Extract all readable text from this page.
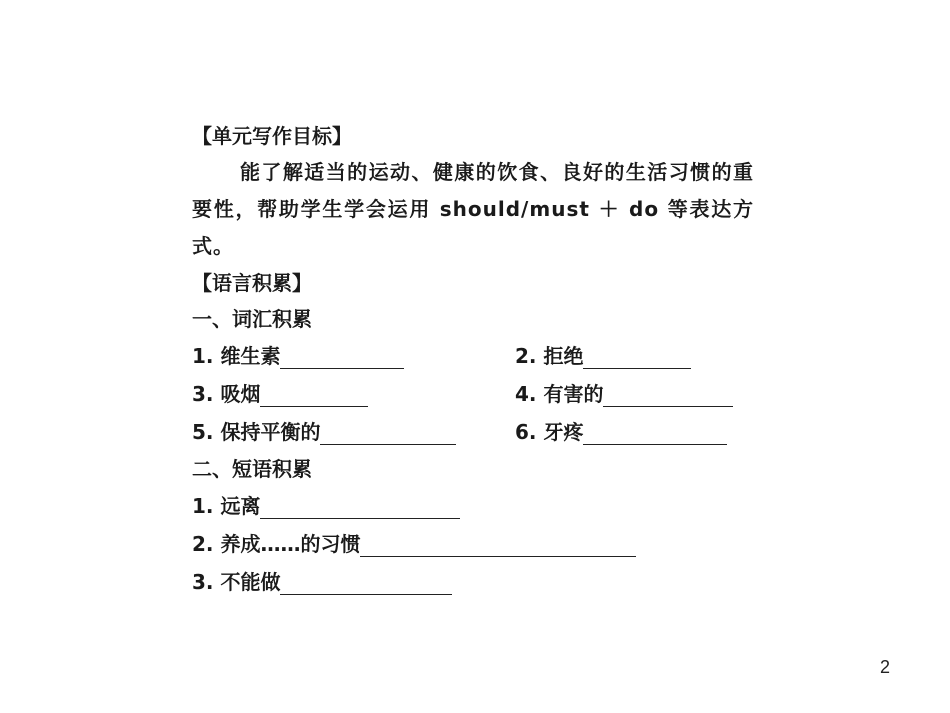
【单元写作目标】
能了解适当的运动、健康的饮食、良好的生活习惯的重要性，帮助学生学会运用 should/must ＋ do 等表达方式。
【语言积累】
一、词汇积累
1. 维生素	2. 拒绝
3. 吸烟	4. 有害的
5. 保持平衡的	6. 牙疼
二、短语积累
1. 远离
2. 养成……的习惯
3. 不能做
2
